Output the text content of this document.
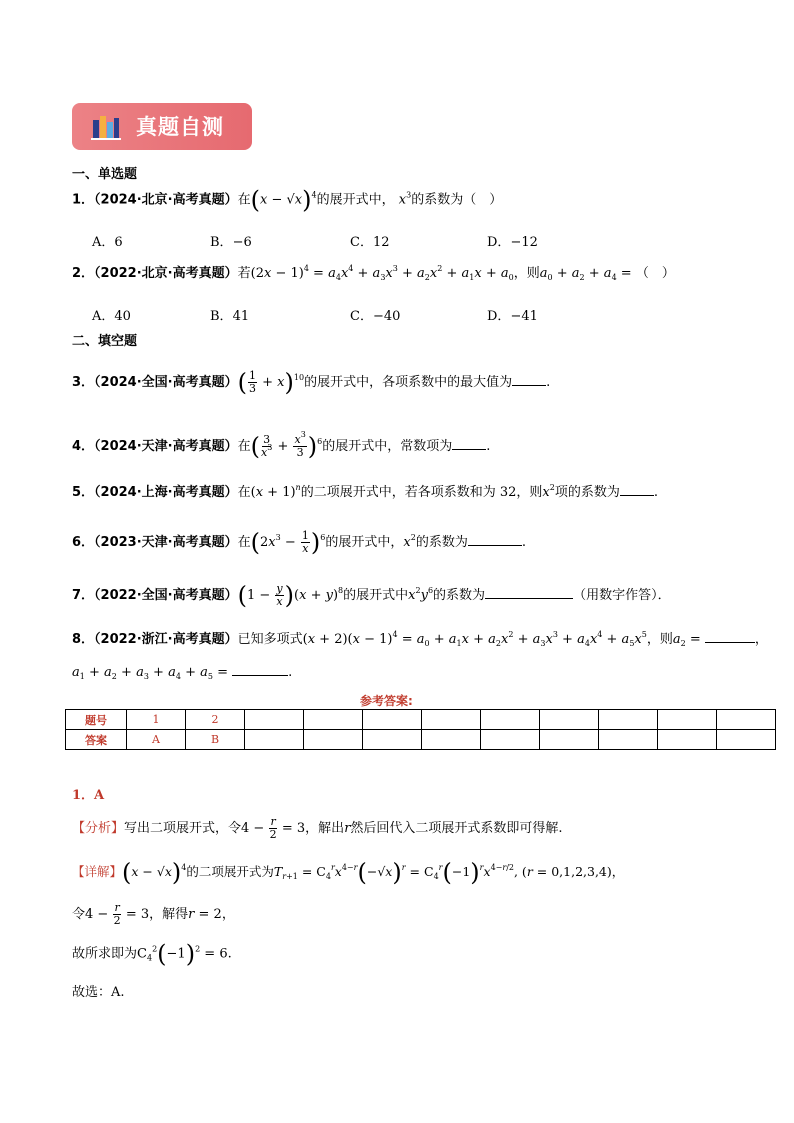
真题自测
一、单选题
1．（2024·北京·高考真题）在$(x - √x)^4$的展开式中， $x^3$的系数为（　）
A．6	B．−6	C．12	D．−12
2．（2022·北京·高考真题）若$(2x - 1)^4 = a_4x^4 + a_3x^3 + a_2x^2 + a_1x + a_0$，则$a_0 + a_2 + a_4$ = （　）
A．40	B．41	C．−40	D．−41
二、填空题
3．（2024·全国·高考真题）( $\frac{1}{3} + x)^{10}$的展开式中，各项系数中的最大值为	.
4．（2024·天津·高考真题）在( $\frac{3}{x^3} + \frac{x^3}{3} )^6$的展开式中，常数项为	.
5．（2024·上海·高考真题）在$(x + 1)^n$的二项展开式中，若各项系数和为 32，则$x^2$项的系数为	.
6．（2023·天津·高考真题）在$(2x^3 - \frac{1}{x} )^6$的展开式中，$x^2$的系数为	.
7．（2022·全国·高考真题）$(1 - \frac{y}{x} )(x + y)^8$的展开式中$x^2y^6$的系数为	（用数字作答）．
8．（2022·浙江·高考真题）已知多项式$(x + 2)(x - 1)^4 = a_0 + a_1x + a_2x^2 + a_3x^3 + a_4x^4 + a_5x^5$，则$a_2$ =	，
$a_1 + a_2 + a_3 + a_4 + a_5$ =	.
参考答案:
题号	1	2									
答案	A	B									
1．A
【分析】写出二项展开式，令$4 - \frac{r}{2} = 3$，解出r然后回代入二项展开式系数即可得解.
【详解】$(x - √x)^4$的二项展开式为$T_{r+1} = C_4^rx^{4-r}(-√x)^r = C_4^r(-1)^rx^{4-r/2}$, (r = 0,1,2,3,4)，
令$4 - \frac{r}{2} = 3$，解得r = 2，
故所求即为$C_4^2(-1)^2 = 6$.
故选：A.
